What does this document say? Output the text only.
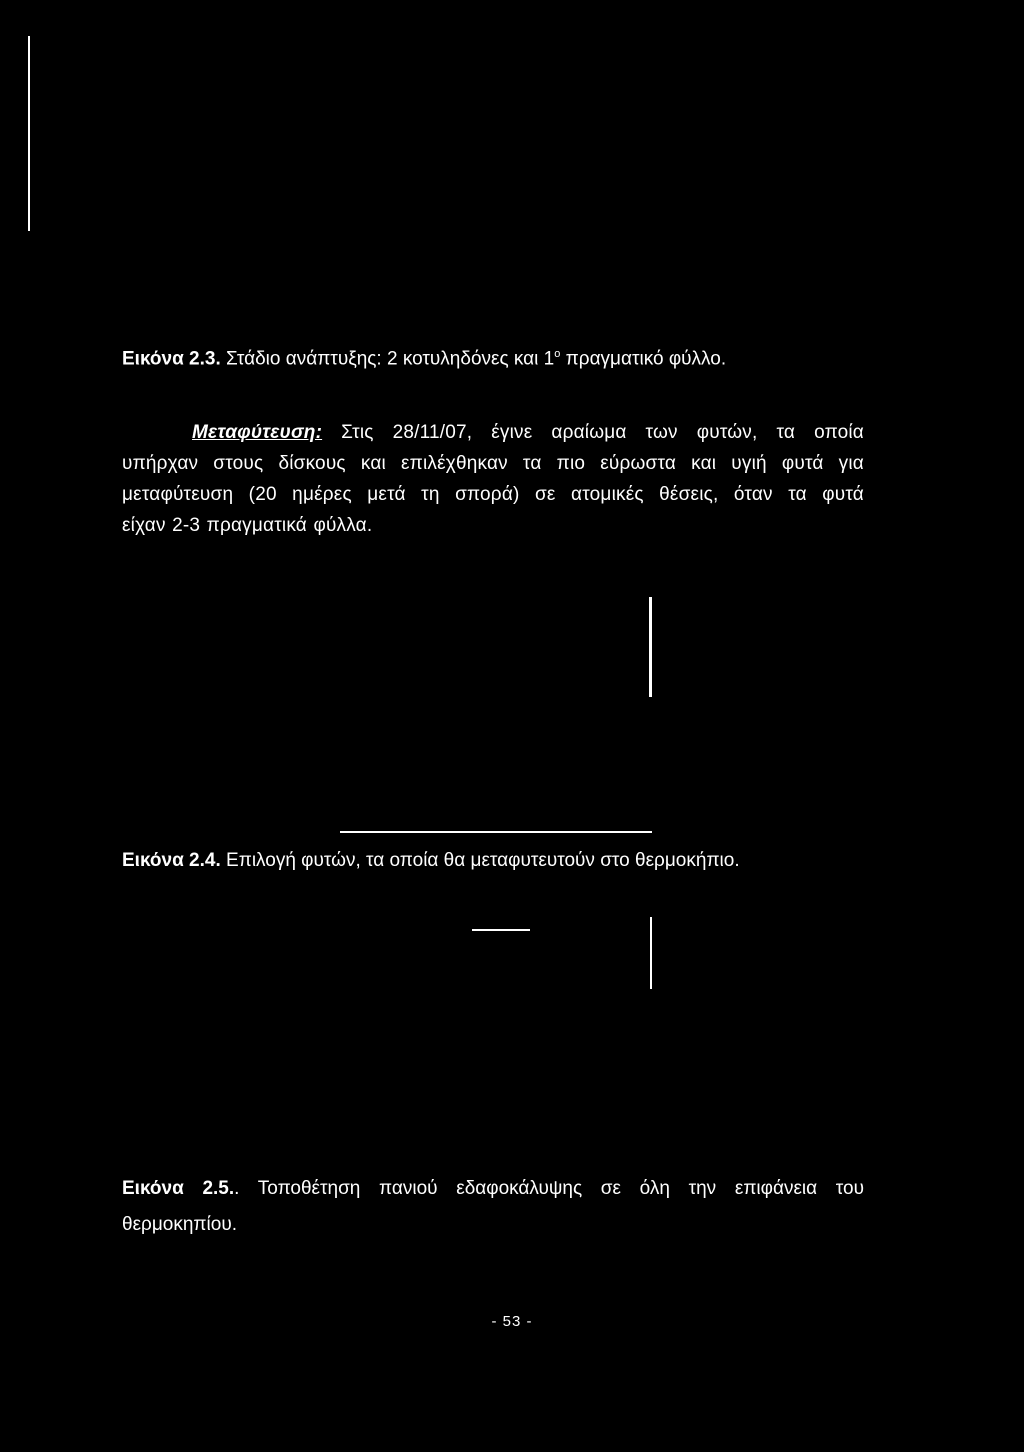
Εικόνα 2.3. Στάδιο ανάπτυξης: 2 κοτυληδόνες και $1^o$ πραγματικό φύλλο.
Μεταφύτευση: Στις 28/11/07, έγινε αραίωμα των φυτών, τα οποία
υπήρχαν στους δίσκους και επιλέχθηκαν τα πιο εύρωστα και υγιή φυτά για
μεταφύτευση (20 ημέρες μετά τη σπορά) σε ατομικές θέσεις, όταν τα φυτά
είχαν 2-3 πραγματικά φύλλα.
Εικόνα 2.4. Επιλογή φυτών, τα οποία θα μεταφυτευτούν στο θερμοκήπιο.
Εικόνα 2.5.. Τοποθέτηση πανιού εδαφοκάλυψης σε όλη την επιφάνεια του
θερμοκηπίου.
- 53 -
